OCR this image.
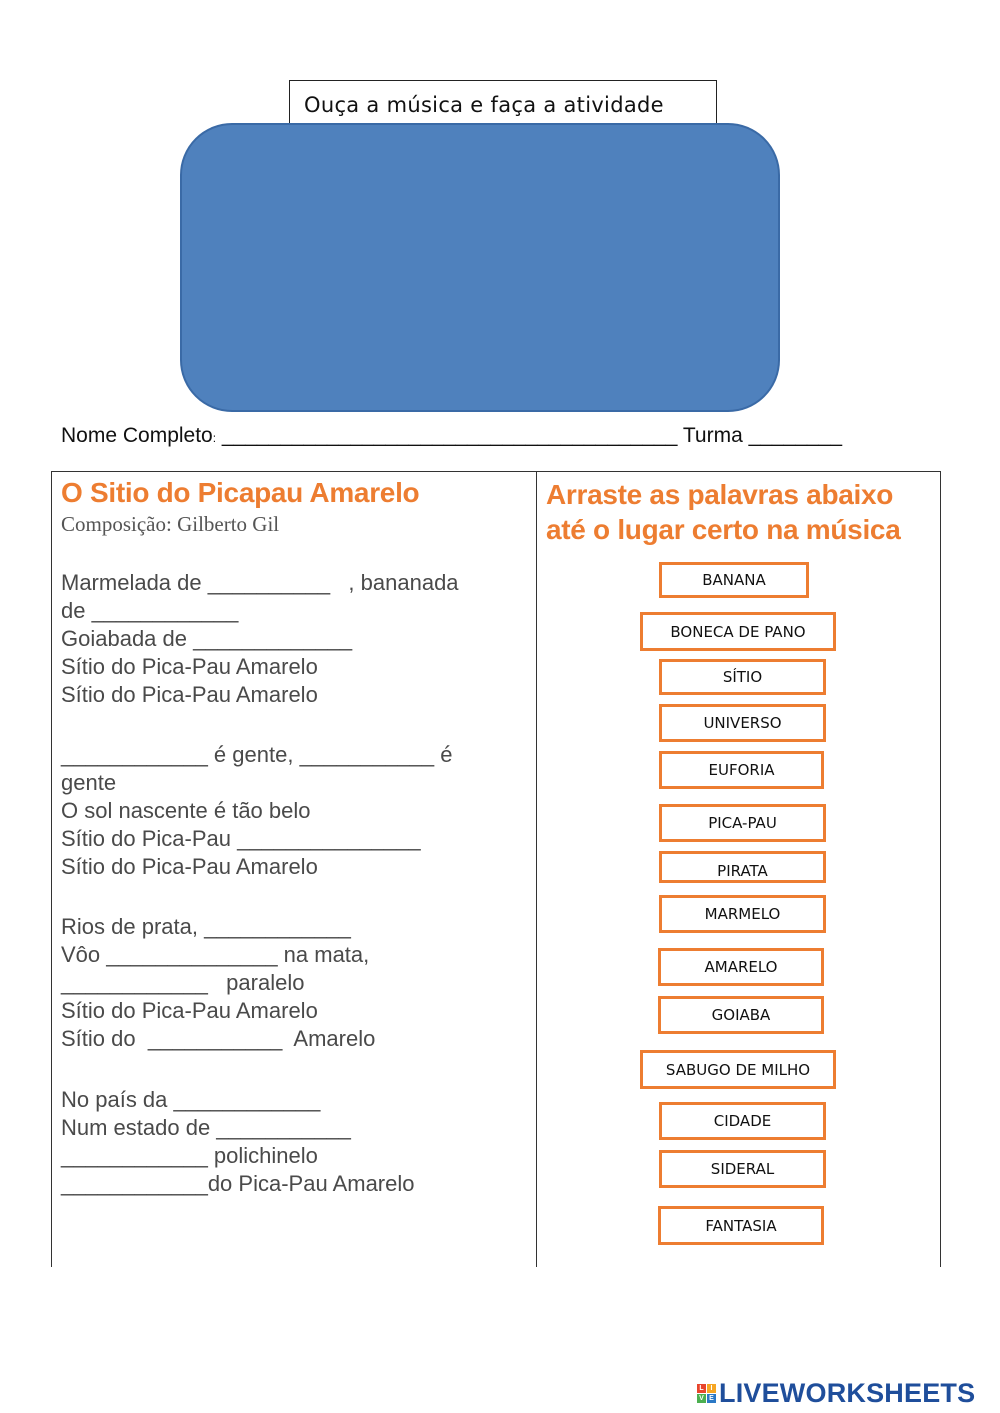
Ouça a música e faça a atividade
Nome Completo: _______________________________________ Turma ________
O Sitio do Picapau Amarelo
Composição: Gilberto Gil
Marmelada de __________   , bananada
de ____________
Goiabada de _____________
Sítio do Pica-Pau Amarelo
Sítio do Pica-Pau Amarelo
____________ é gente, ___________ é
gente
O sol nascente é tão belo
Sítio do Pica-Pau _______________
Sítio do Pica-Pau Amarelo
Rios de prata, ____________
Vôo ______________ na mata,
____________   paralelo
Sítio do Pica-Pau Amarelo
Sítio do  ___________  Amarelo
No país da ____________
Num estado de ___________
____________ polichinelo
____________do Pica-Pau Amarelo
Arraste as palavras abaixo até o lugar certo na música
BANANA
BONECA DE PANO
SÍTIO
UNIVERSO
EUFORIA
PICA-PAU
PIRATA
MARMELO
AMARELO
GOIABA
SABUGO DE MILHO
CIDADE
SIDERAL
FANTASIA
L I
V E LIVEWORKSHEETS
